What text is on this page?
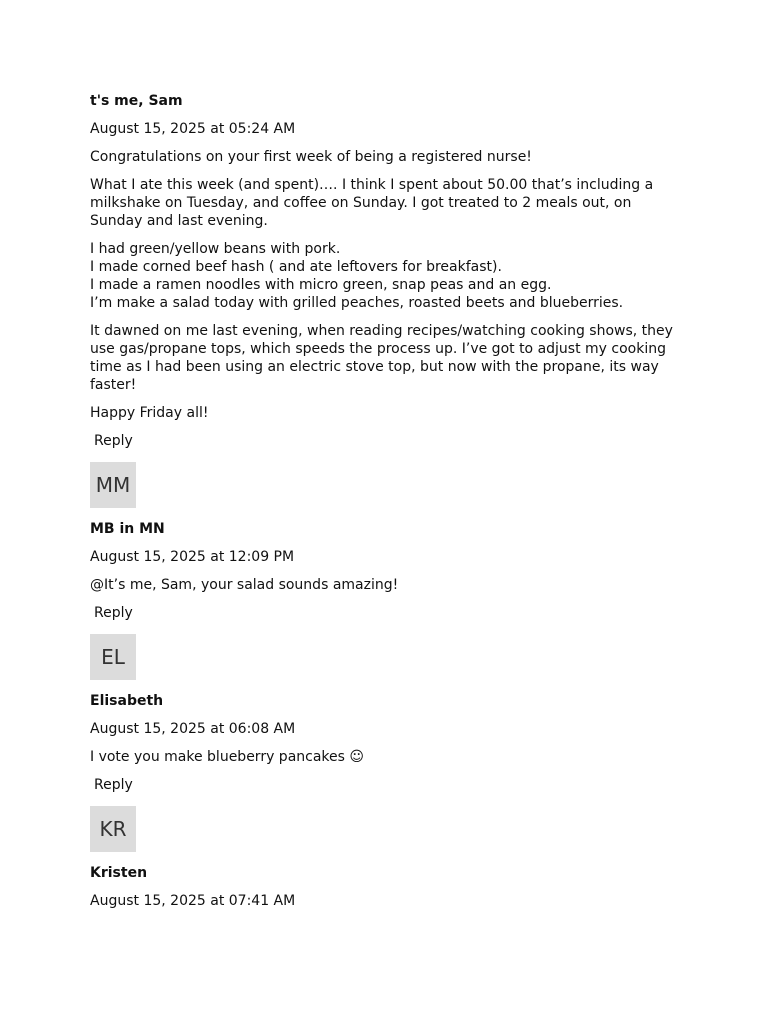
t's me, Sam
August 15, 2025 at 05:24 AM
Congratulations on your first week of being a registered nurse!
What I ate this week (and spent)…. I think I spent about 50.00 that’s including a milkshake on Tuesday, and coffee on Sunday. I got treated to 2 meals out, on Sunday and last evening.
I had green/yellow beans with pork.
I made corned beef hash ( and ate leftovers for breakfast).
I made a ramen noodles with micro green, snap peas and an egg.
I’m make a salad today with grilled peaches, roasted beets and blueberries.
It dawned on me last evening, when reading recipes/watching cooking shows, they use gas/propane tops, which speeds the process up. I’ve got to adjust my cooking time as I had been using an electric stove top, but now with the propane, its way faster!
Happy Friday all!
Reply
MM
MB in MN
August 15, 2025 at 12:09 PM
@It’s me, Sam, your salad sounds amazing!
Reply
EL
Elisabeth
August 15, 2025 at 06:08 AM
I vote you make blueberry pancakes ☺
Reply
KR
Kristen
August 15, 2025 at 07:41 AM
